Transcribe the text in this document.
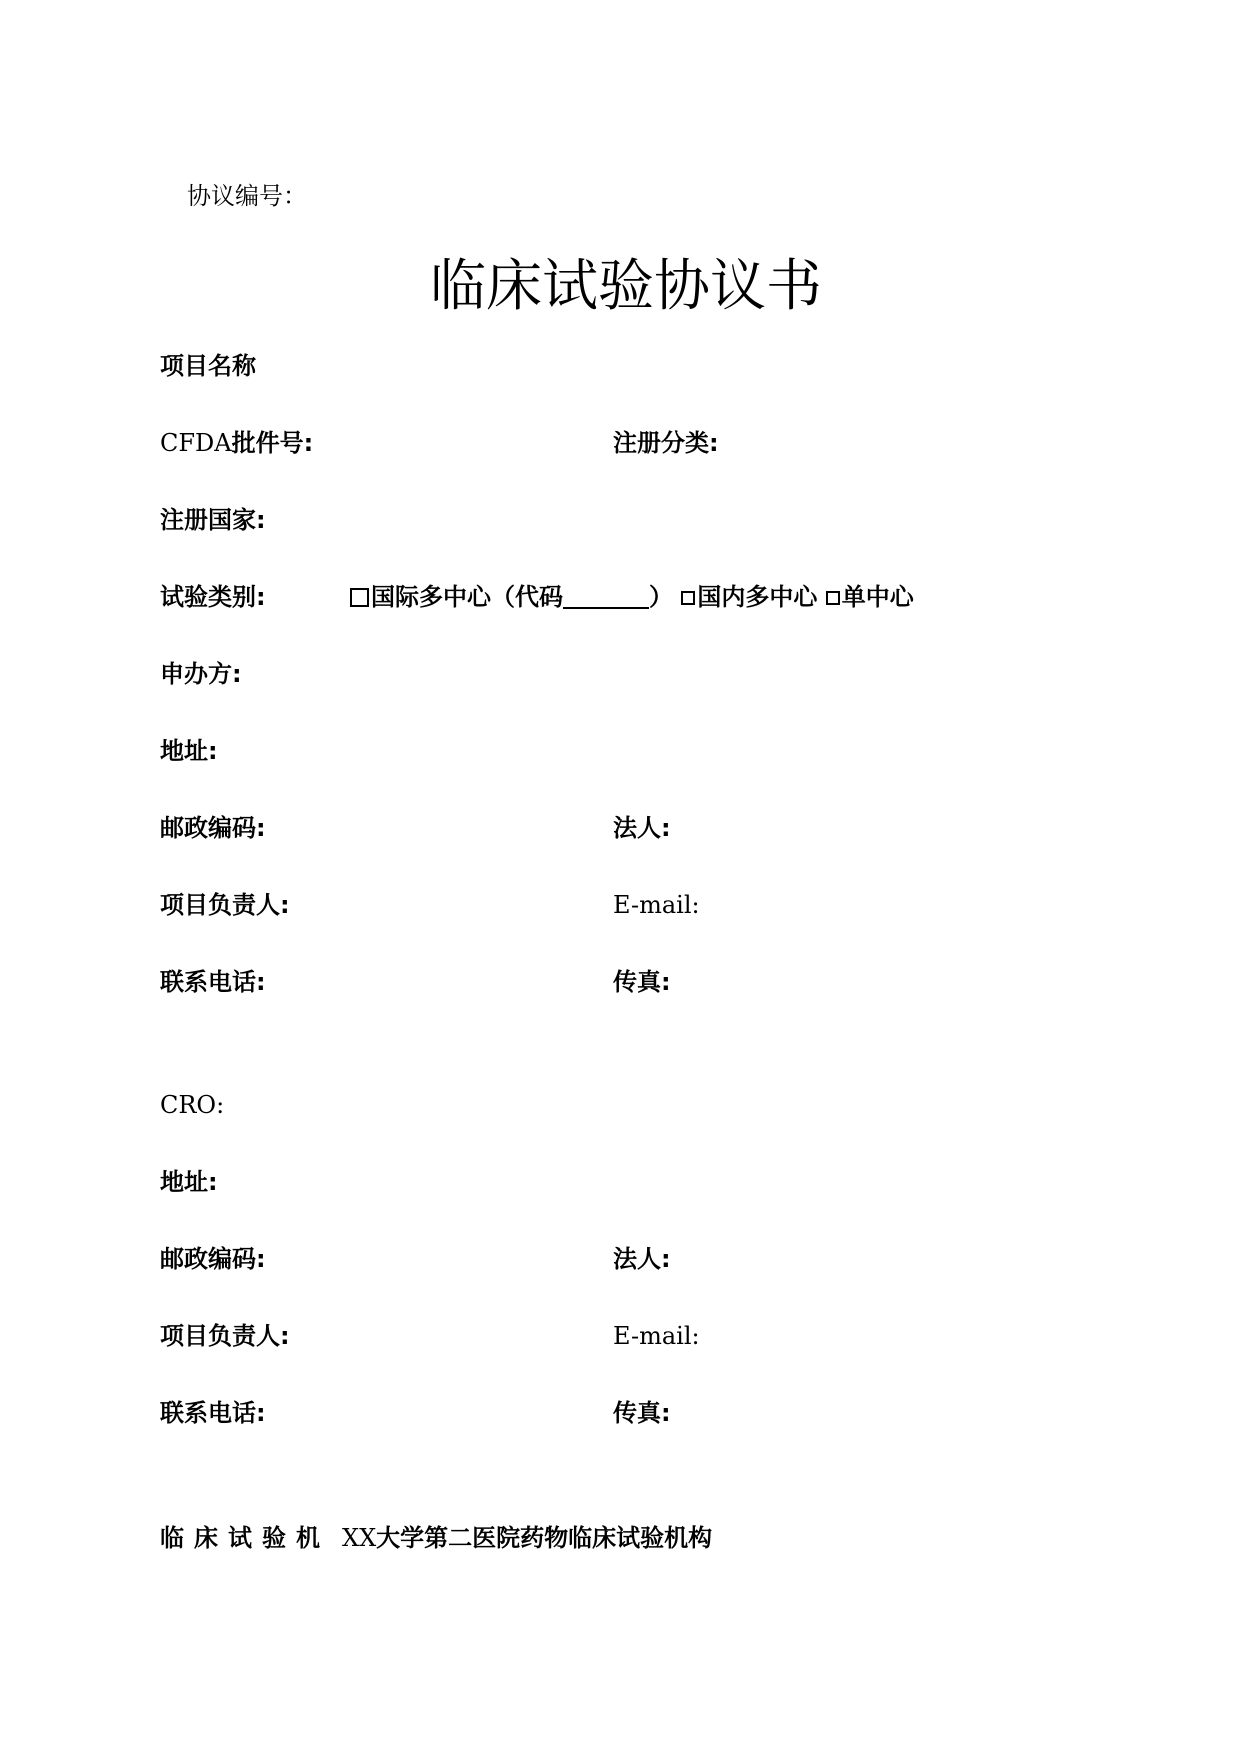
协议编号：
临床试验协议书
项目名称
CFDA批件号:	注册分类:
注册国家:
试验类别:	国际多中心（代码	） 国内多中心 单中心
申办方:
地址:
邮政编码:	法人:
项目负责人:	E-mail:
联系电话:	传真:
CRO:
地址:
邮政编码:	法人:
项目负责人:	E-mail:
联系电话:	传真:
临床试验机 XX大学第二医院药物临床试验机构
